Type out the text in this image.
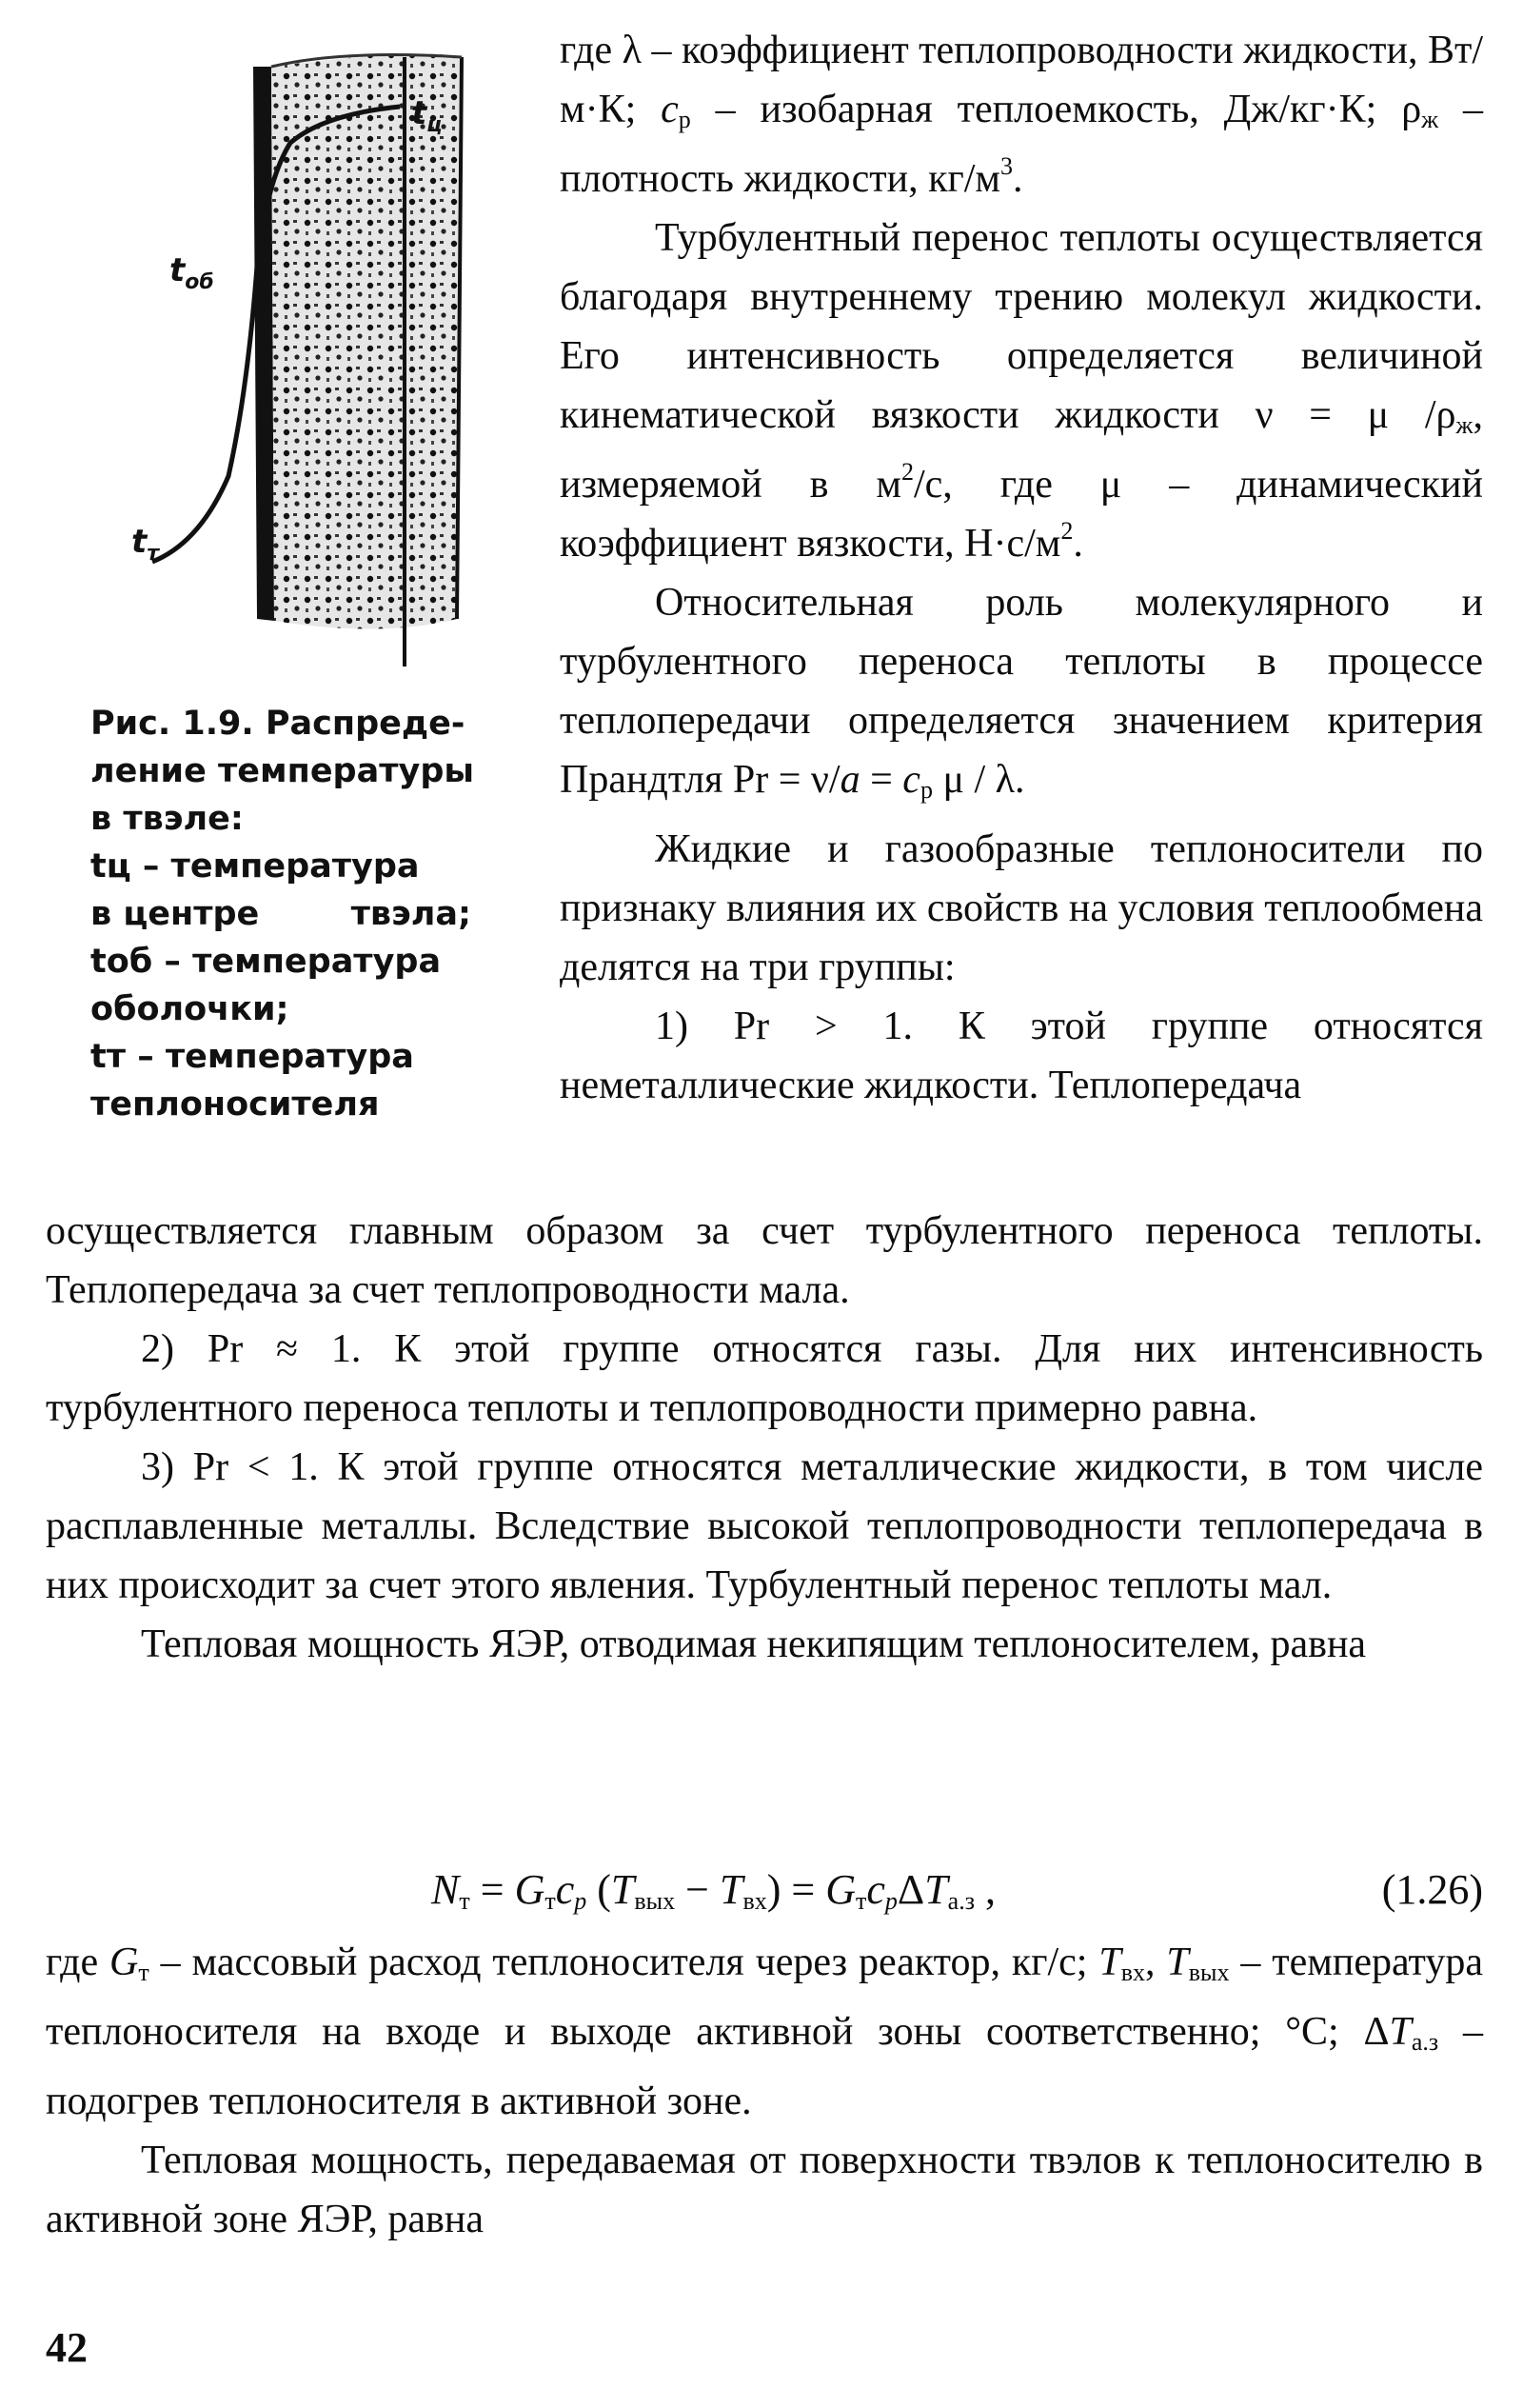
$t_ц$
$t_{об}$
$t_т$
Рис. 1.9. Распреде-
ление температуры
в твэле:
tц – температура
в центре	твэла;
tоб – температура
оболочки;
tт – температура
теплоносителя

где λ – коэффициент теплопроводности жидкости, Вт/м·К; $c_p$ – изобарная теплоемкость, Дж/кг·К; $\rho_ж$ – плотность жидкости, $кг/м^3$.

Турбулентный перенос теплоты осуществляется благодаря внутреннему трению молекул жидкости. Его интенсивность определяется величиной кинематической вязкости жидкости ν = μ $/\rho_ж$, измеряемой в $м^2/с$, где μ – динамический коэффициент вязкости, $Н\cdot с/м^2$.

Относительная роль молекулярного и турбулентного переноса теплоты в процессе теплопередачи определяется значением критерия Прандтля $Pr = \nu/a = c_p$ μ / λ.

Жидкие и газообразные теплоносители по признаку влияния их свойств на условия теплообмена делятся на три группы:

1) Pr > 1. К этой группе относятся неметаллические жидкости. Теплопередача

осуществляется главным образом за счет турбулентного переноса теплоты. Теплопередача за счет теплопроводности мала.

2) Pr ≈ 1. К этой группе относятся газы. Для них интенсивность турбулентного переноса теплоты и теплопроводности примерно равна.

3) Pr < 1. К этой группе относятся металлические жидкости, в том числе расплавленные металлы. Вследствие высокой теплопроводности теплопередача в них происходит за счет этого явления. Турбулентный перенос теплоты мал.

Тепловая мощность ЯЭР, отводимая некипящим теплоносителем, равна

$N_т = G_тc_p$ $(T_{вых} - T_{вх}) = G_тc_p\Delta T_{а.з}$ ,	(1.26)

где $G_т$ – массовый расход теплоносителя через реактор, кг/с; $T_{вх}$, $T_{вых}$ – температура теплоносителя на входе и выходе активной зоны соответственно; °С; $\Delta T_{а.з}$ – подогрев теплоносителя в активной зоне.

Тепловая мощность, передаваемая от поверхности твэлов к теплоносителю в активной зоне ЯЭР, равна

42
